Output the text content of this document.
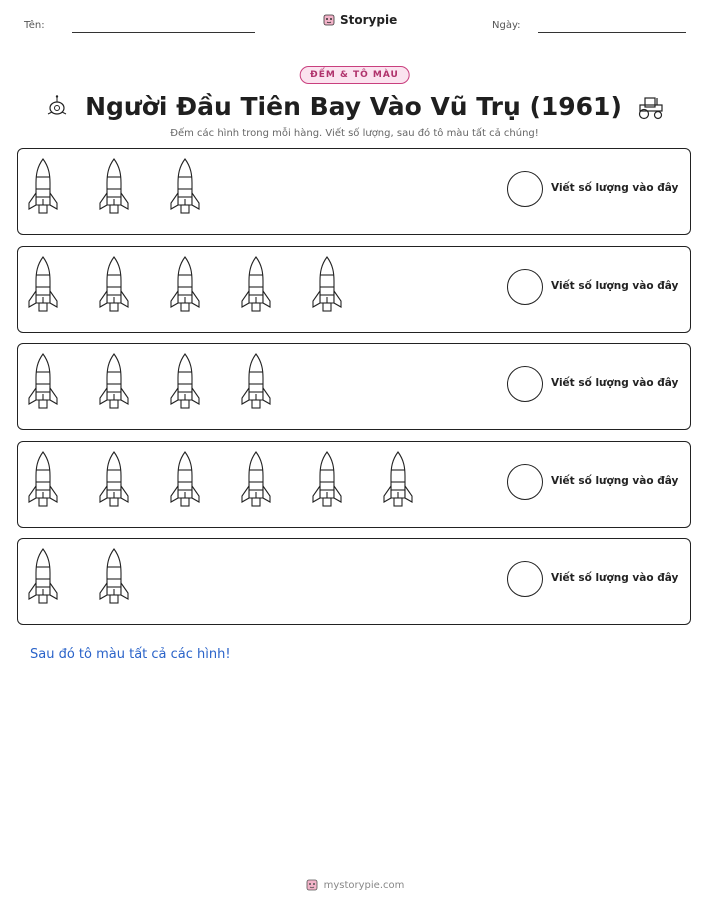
Tên:	Storypie	Ngày:
ĐẾM & TÔ MÀU
Người Đầu Tiên Bay Vào Vũ Trụ (1961)
Đếm các hình trong mỗi hàng. Viết số lượng, sau đó tô màu tất cả chúng!
Viết số lượng vào đây
Viết số lượng vào đây
Viết số lượng vào đây
Viết số lượng vào đây
Viết số lượng vào đây
Sau đó tô màu tất cả các hình!
mystorypie.com
